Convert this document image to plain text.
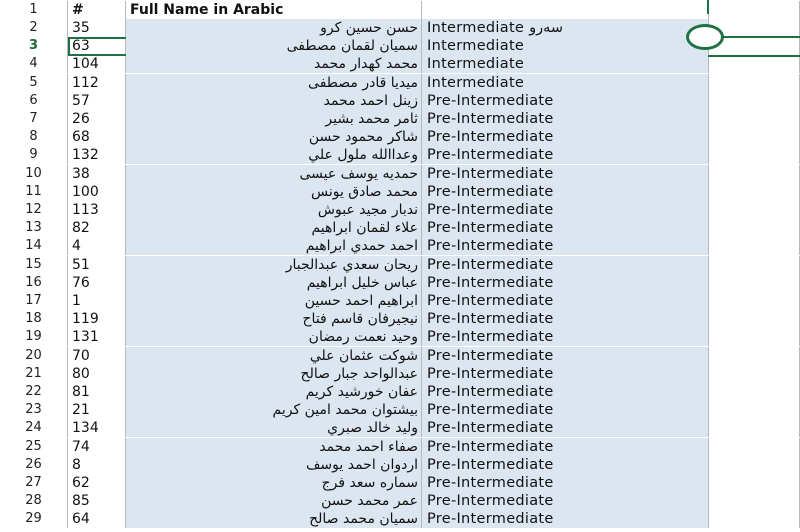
1	#	Full Name in Arabic
2	35	حسن حسين كرو Intermediate سەرو
3	63	سميان لقمان مصطفى Intermediate
4	104	محمد كهدار محمد Intermediate
5	112	ميديا قادر مصطفى Intermediate
6	57	زينل احمد محمد Pre-Intermediate
7	26	ثامر محمد بشير Pre-Intermediate
8	68	شاكر محمود حسن Pre-Intermediate
9	132	وعداالله ملول علي Pre-Intermediate
10	38	حمديه يوسف عيسى Pre-Intermediate
11	100	محمد صادق يونس Pre-Intermediate
12	113	ندبار مجيد عبوش Pre-Intermediate
13	82	علاء لقمان ابراهيم Pre-Intermediate
14	4	احمد حمدي ابراهيم Pre-Intermediate
15	51	ريحان سعدي عبدالجبار Pre-Intermediate
16	76	عباس خليل ابراهيم Pre-Intermediate
17	1	ابراهيم احمد حسين Pre-Intermediate
18	119	نيجيرفان قاسم فتاح Pre-Intermediate
19	131	وحيد نعمت رمضان Pre-Intermediate
20	70	شوكت عثمان علي Pre-Intermediate
21	80	عبدالواحد جبار صالح Pre-Intermediate
22	81	عفان خورشيد كريم Pre-Intermediate
23	21	بيشتوان محمد امين كريم Pre-Intermediate
24	134	وليد خالد صبري Pre-Intermediate
25	74	صفاء احمد محمد Pre-Intermediate
26	8	اردوان احمد يوسف Pre-Intermediate
27	62	سماره سعد فرج Pre-Intermediate
28	85	عمر محمد حسن Pre-Intermediate
29	64	سميان محمد صالح Pre-Intermediate
